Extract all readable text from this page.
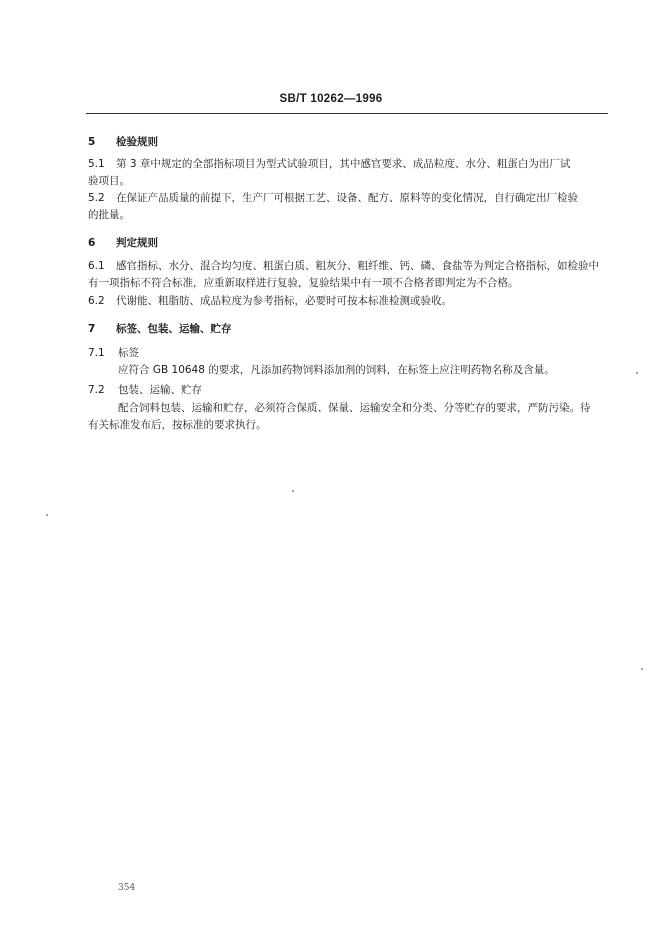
SB/T 10262—1996
5 检验规则
5.1 第 3 章中规定的全部指标项目为型式试验项目，其中感官要求、成品粒度、水分、粗蛋白为出厂试
验项目。
5.2 在保证产品质量的前提下，生产厂可根据工艺、设备、配方、原料等的变化情况，自行确定出厂检验
的批量。
6 判定规则
6.1 感官指标、水分、混合均匀度、粗蛋白质、粗灰分、粗纤维、钙、磷、食盐等为判定合格指标，如检验中
有一项指标不符合标准，应重新取样进行复验，复验结果中有一项不合格者即判定为不合格。
6.2 代谢能、粗脂肪、成品粒度为参考指标，必要时可按本标准检测或验收。
7 标签、包装、运输、贮存
7.1 标签
应符合 GB 10648 的要求，凡添加药物饲料添加剂的饲料，在标签上应注明药物名称及含量。
7.2 包装、运输、贮存
配合饲料包装、运输和贮存，必须符合保质、保量、运输安全和分类、分等贮存的要求，严防污染。待
有关标准发布后，按标准的要求执行。
354
